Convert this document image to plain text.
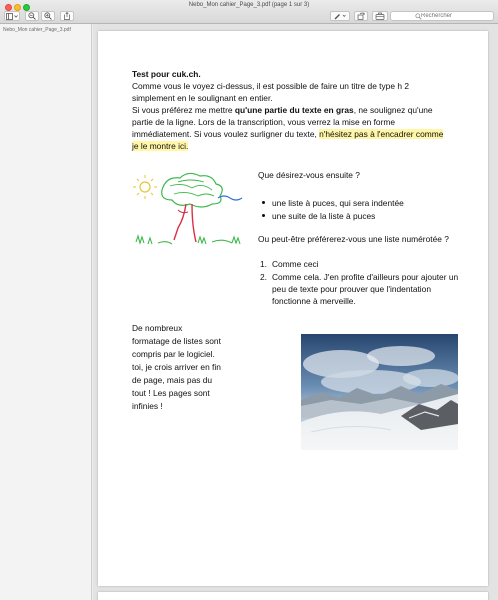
Nebo_Mon cahier_Page_3.pdf (page 1 sur 3)
Rechercher
Nebo_Mon cahier_Page_3.pdf
Test pour cuk.ch.
Comme vous le voyez ci-dessus, il est possible de faire un titre de type h 2 simplement en le soulignant en entier.
Si vous préférez me mettre qu'une partie du texte en gras, ne soulignez qu'une partie de la ligne. Lors de la transcription, vous verrez la mise en forme immédiatement. Si vous voulez surligner du texte, n'hésitez pas à l'encadrer comme je le montre ici.
Que désirez-vous ensuite ?
une liste à puces, qui sera indentée
une suite de la liste à puces
Ou peut-être préférerez-vous une liste numérotée ?
1. Comme ceci
2. Comme cela. J'en profite d'ailleurs pour ajouter un peu de texte pour prouver que l'indentation fonctionne à merveille.
De nombreux formatage de listes sont compris par le logiciel. toi, je crois arriver en fin de page, mais pas du tout ! Les pages sont infinies !
